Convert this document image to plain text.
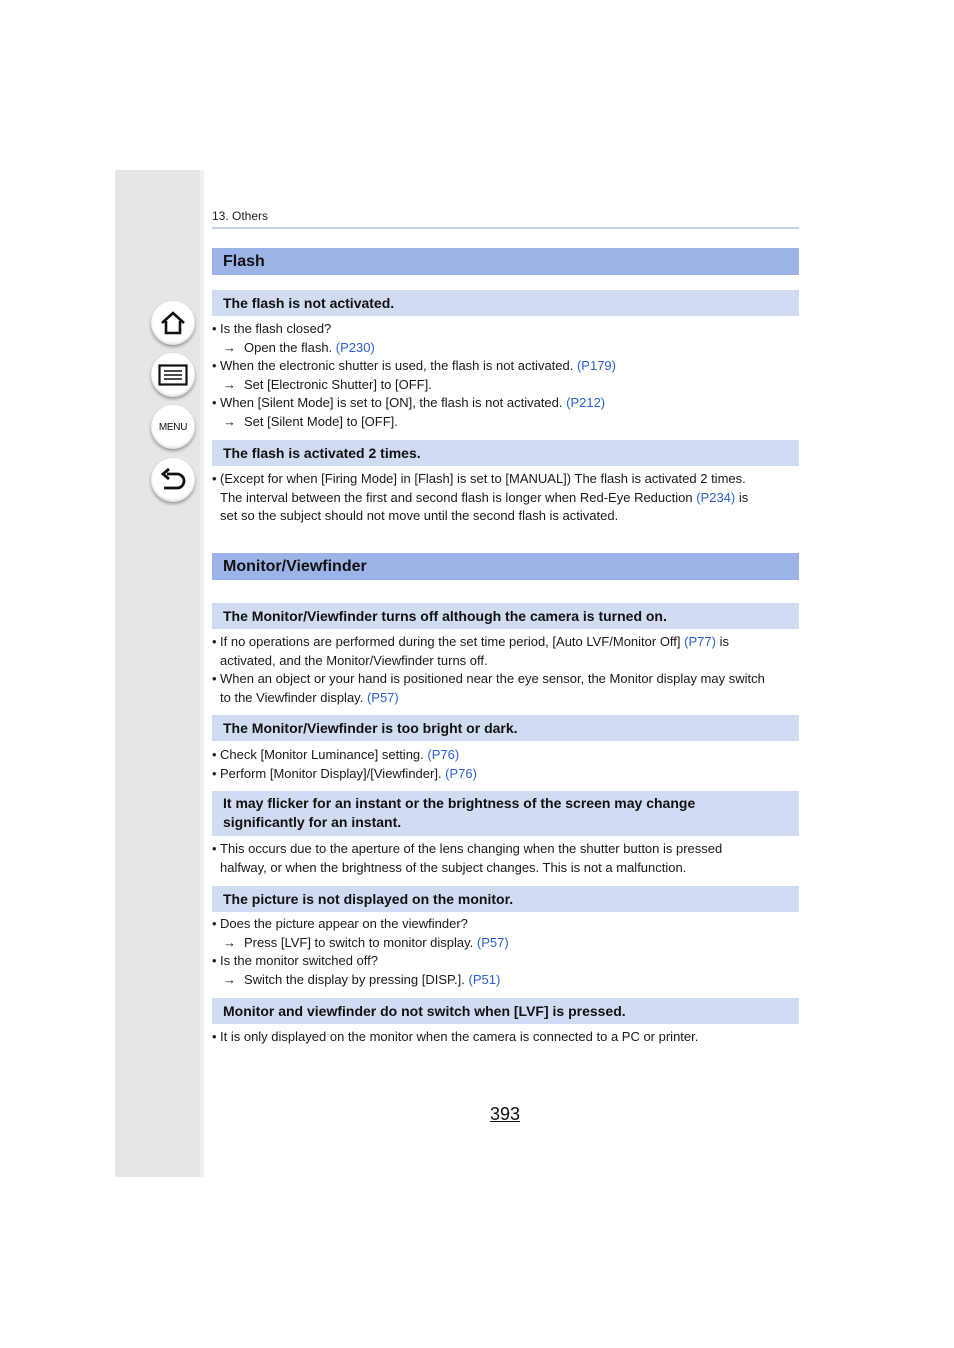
MENU
13. Others
Flash
The flash is not activated.
• Is the flash closed?
→ Open the flash. (P230)
• When the electronic shutter is used, the flash is not activated. (P179)
→ Set [Electronic Shutter] to [OFF].
• When [Silent Mode] is set to [ON], the flash is not activated. (P212)
→ Set [Silent Mode] to [OFF].
The flash is activated 2 times.
• (Except for when [Firing Mode] in [Flash] is set to [MANUAL]) The flash is activated 2 times.
The interval between the first and second flash is longer when Red-Eye Reduction (P234) is
set so the subject should not move until the second flash is activated.
Monitor/Viewfinder
The Monitor/Viewfinder turns off although the camera is turned on.
• If no operations are performed during the set time period, [Auto LVF/Monitor Off] (P77) is
activated, and the Monitor/Viewfinder turns off.
• When an object or your hand is positioned near the eye sensor, the Monitor display may switch
to the Viewfinder display. (P57)
The Monitor/Viewfinder is too bright or dark.
• Check [Monitor Luminance] setting. (P76)
• Perform [Monitor Display]/[Viewfinder]. (P76)
It may flicker for an instant or the brightness of the screen may change
significantly for an instant.
• This occurs due to the aperture of the lens changing when the shutter button is pressed
halfway, or when the brightness of the subject changes. This is not a malfunction.
The picture is not displayed on the monitor.
• Does the picture appear on the viewfinder?
→ Press [LVF] to switch to monitor display. (P57)
• Is the monitor switched off?
→ Switch the display by pressing [DISP.]. (P51)
Monitor and viewfinder do not switch when [LVF] is pressed.
• It is only displayed on the monitor when the camera is connected to a PC or printer.
393
